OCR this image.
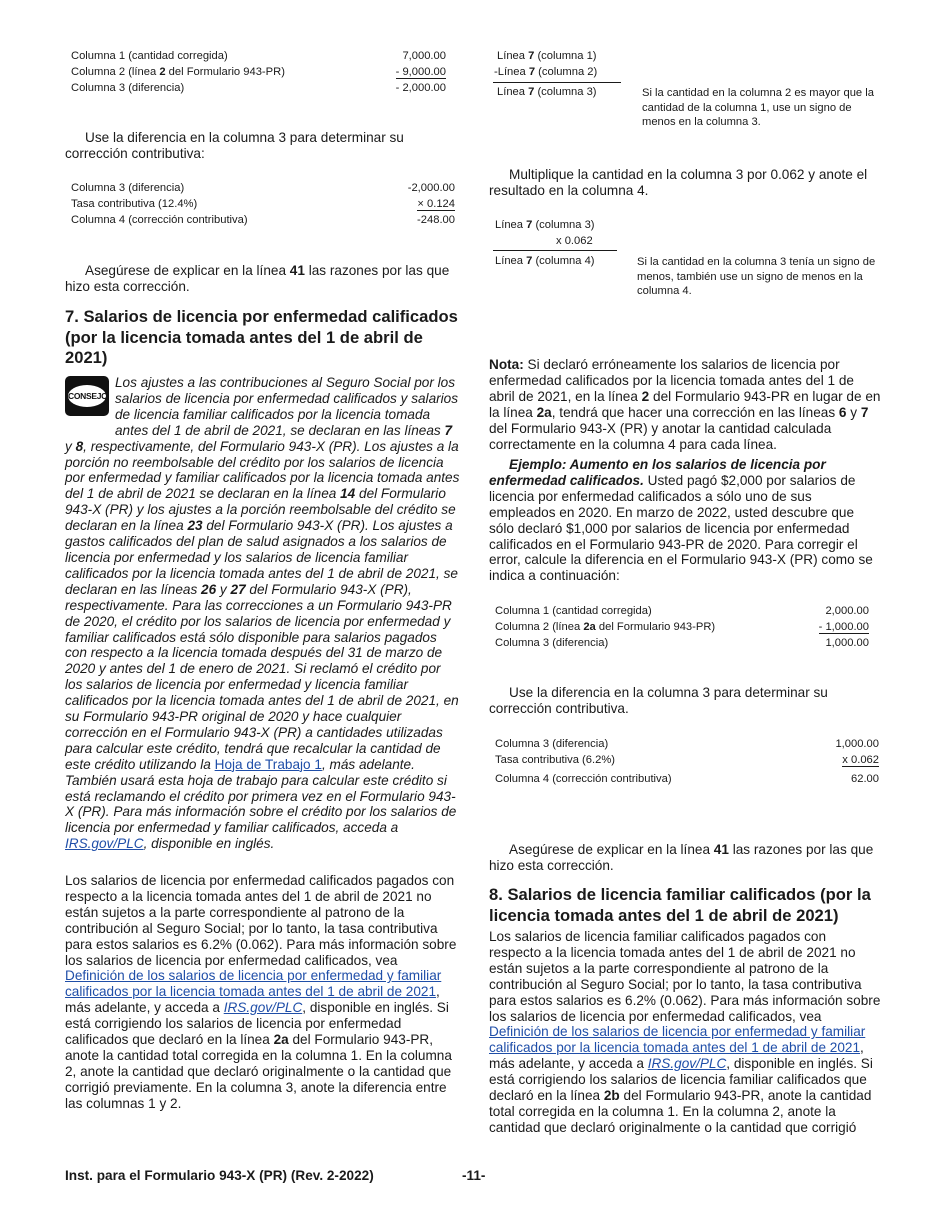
Columna 1 (cantidad corregida)	7,000.00
Columna 2 (línea 2 del Formulario 943-PR)	- 9,000.00
Columna 3 (diferencia)	- 2,000.00

Use la diferencia en la columna 3 para determinar su corrección contributiva:

Columna 3 (diferencia)	-2,000.00
Tasa contributiva (12.4%)	× 0.124
Columna 4 (corrección contributiva)	-248.00

Asegúrese de explicar en la línea 41 las razones por las que hizo esta corrección.

7. Salarios de licencia por enfermedad calificados (por la licencia tomada antes del 1 de abril de 2021)
CONSEJO

Los ajustes a las contribuciones al Seguro Social por los salarios de licencia por enfermedad calificados y salarios de licencia familiar calificados por la licencia tomada antes del 1 de abril de 2021, se declaran en las líneas 7 y 8, respectivamente, del Formulario 943-X (PR). Los ajustes a la porción no reembolsable del crédito por los salarios de licencia por enfermedad y familiar calificados por la licencia tomada antes del 1 de abril de 2021 se declaran en la línea 14 del Formulario 943-X (PR) y los ajustes a la porción reembolsable del crédito se declaran en la línea 23 del Formulario 943-X (PR). Los ajustes a gastos calificados del plan de salud asignados a los salarios de licencia por enfermedad y los salarios de licencia familiar calificados por la licencia tomada antes del 1 de abril de 2021, se declaran en las líneas 26 y 27 del Formulario 943-X (PR), respectivamente. Para las correcciones a un Formulario 943-PR de 2020, el crédito por los salarios de licencia por enfermedad y familiar calificados está sólo disponible para salarios pagados con respecto a la licencia tomada después del 31 de marzo de 2020 y antes del 1 de enero de 2021. Si reclamó el crédito por los salarios de licencia por enfermedad y licencia familiar calificados por la licencia tomada antes del 1 de abril de 2021, en su Formulario 943-PR original de 2020 y hace cualquier corrección en el Formulario 943-X (PR) a cantidades utilizadas para calcular este crédito, tendrá que recalcular la cantidad de este crédito utilizando la Hoja de Trabajo 1, más adelante. También usará esta hoja de trabajo para calcular este crédito si está reclamando el crédito por primera vez en el Formulario 943-X (PR). Para más información sobre el crédito por los salarios de licencia por enfermedad y familiar calificados, acceda a IRS.gov/PLC, disponible en inglés.

Los salarios de licencia por enfermedad calificados pagados con respecto a la licencia tomada antes del 1 de abril de 2021 no están sujetos a la parte correspondiente al patrono de la contribución al Seguro Social; por lo tanto, la tasa contributiva para estos salarios es 6.2% (0.062). Para más información sobre los salarios de licencia por enfermedad calificados, vea Definición de los salarios de licencia por enfermedad y familiar calificados por la licencia tomada antes del 1 de abril de 2021, más adelante, y acceda a IRS.gov/PLC, disponible en inglés. Si está corrigiendo los salarios de licencia por enfermedad calificados que declaró en la línea 2a del Formulario 943-PR, anote la cantidad total corregida en la columna 1. En la columna 2, anote la cantidad que declaró originalmente o la cantidad que corrigió previamente. En la columna 3, anote la diferencia entre las columnas 1 y 2.

Línea 7 (columna 1)
-Línea 7 (columna 2)
Línea 7 (columna 3)	Si la cantidad en la columna 2 es mayor que la cantidad de la columna 1, use un signo de menos en la columna 3.

Multiplique la cantidad en la columna 3 por 0.062 y anote el resultado en la columna 4.

Línea 7 (columna 3)
x 0.062
Línea 7 (columna 4)	Si la cantidad en la columna 3 tenía un signo de menos, también use un signo de menos en la columna 4.

Nota: Si declaró erróneamente los salarios de licencia por enfermedad calificados por la licencia tomada antes del 1 de abril de 2021, en la línea 2 del Formulario 943-PR en lugar de en la línea 2a, tendrá que hacer una corrección en las líneas 6 y 7 del Formulario 943-X (PR) y anotar la cantidad calculada correctamente en la columna 4 para cada línea.

Ejemplo: Aumento en los salarios de licencia por enfermedad calificados. Usted pagó $2,000 por salarios de licencia por enfermedad calificados a sólo uno de sus empleados en 2020. En marzo de 2022, usted descubre que sólo declaró $1,000 por salarios de licencia por enfermedad calificados en el Formulario 943-PR de 2020. Para corregir el error, calcule la diferencia en el Formulario 943-X (PR) como se indica a continuación:

Columna 1 (cantidad corregida)	2,000.00
Columna 2 (línea 2a del Formulario 943-PR)	- 1,000.00
Columna 3 (diferencia)	1,000.00

Use la diferencia en la columna 3 para determinar su corrección contributiva.

Columna 3 (diferencia)	1,000.00
Tasa contributiva (6.2%)	x 0.062
Columna 4 (corrección contributiva)	62.00

Asegúrese de explicar en la línea 41 las razones por las que hizo esta corrección.

8. Salarios de licencia familiar calificados (por la licencia tomada antes del 1 de abril de 2021)

Los salarios de licencia familiar calificados pagados con respecto a la licencia tomada antes del 1 de abril de 2021 no están sujetos a la parte correspondiente al patrono de la contribución al Seguro Social; por lo tanto, la tasa contributiva para estos salarios es 6.2% (0.062). Para más información sobre los salarios de licencia por enfermedad calificados, vea Definición de los salarios de licencia por enfermedad y familiar calificados por la licencia tomada antes del 1 de abril de 2021, más adelante, y acceda a IRS.gov/PLC, disponible en inglés. Si está corrigiendo los salarios de licencia familiar calificados que declaró en la línea 2b del Formulario 943-PR, anote la cantidad total corregida en la columna 1. En la columna 2, anote la cantidad que declaró originalmente o la cantidad que corrigió

Inst. para el Formulario 943-X (PR) (Rev. 2-2022)	-11-
